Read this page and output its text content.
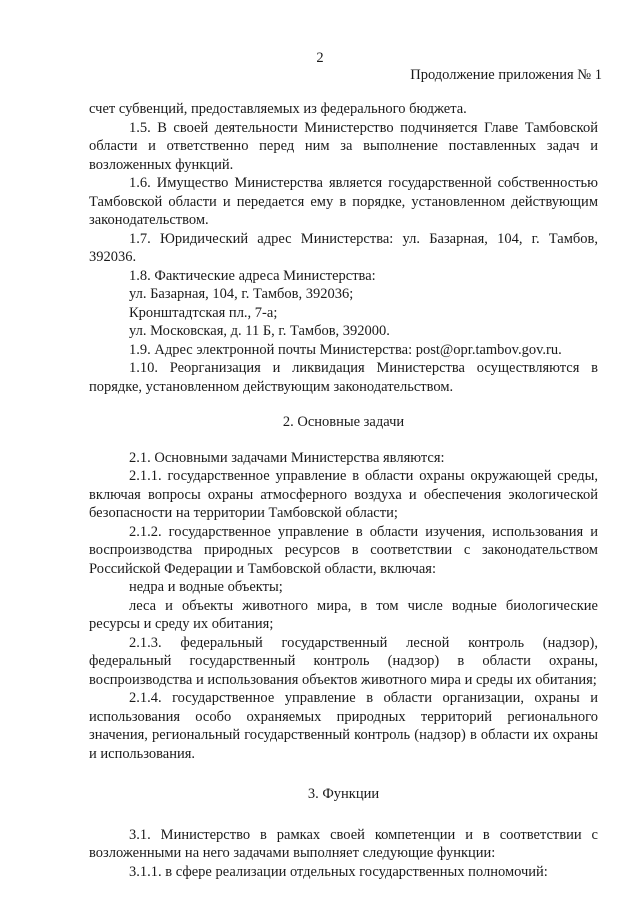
2
Продолжение приложения № 1

счет субвенций, предоставляемых из федерального бюджета.

1.5. В своей деятельности Министерство подчиняется Главе Тамбовской области и ответственно перед ним за выполнение поставленных задач и возложенных функций.

1.6. Имущество Министерства является государственной собственностью Тамбовской области и передается ему в порядке, установленном действующим законодательством.

1.7. Юридический адрес Министерства: ул. Базарная, 104, г. Тамбов, 392036.

1.8. Фактические адреса Министерства:

ул. Базарная, 104, г. Тамбов, 392036;

Кронштадтская пл., 7-а;

ул. Московская, д. 11 Б, г. Тамбов, 392000.

1.9. Адрес электронной почты Министерства: post@opr.tambov.gov.ru.

1.10. Реорганизация и ликвидация Министерства осуществляются в порядке, установленном действующим законодательством.

2. Основные задачи

2.1. Основными задачами Министерства являются:

2.1.1. государственное управление в области охраны окружающей среды, включая вопросы охраны атмосферного воздуха и обеспечения экологической безопасности на территории Тамбовской области;

2.1.2. государственное управление в области изучения, использования и воспроизводства природных ресурсов в соответствии с законодательством Российской Федерации и Тамбовской области, включая:

недра и водные объекты;

леса и объекты животного мира, в том числе водные биологические ресурсы и среду их обитания;

2.1.3. федеральный государственный лесной контроль (надзор), федеральный государственный контроль (надзор) в области охраны, воспроизводства и использования объектов животного мира и среды их обитания;

2.1.4. государственное управление в области организации, охраны и использования особо охраняемых природных территорий регионального значения, региональный государственный контроль (надзор) в области их охраны и использования.

3. Функции

3.1. Министерство в рамках своей компетенции и в соответствии с возложенными на него задачами выполняет следующие функции:

3.1.1. в сфере реализации отдельных государственных полномочий:
